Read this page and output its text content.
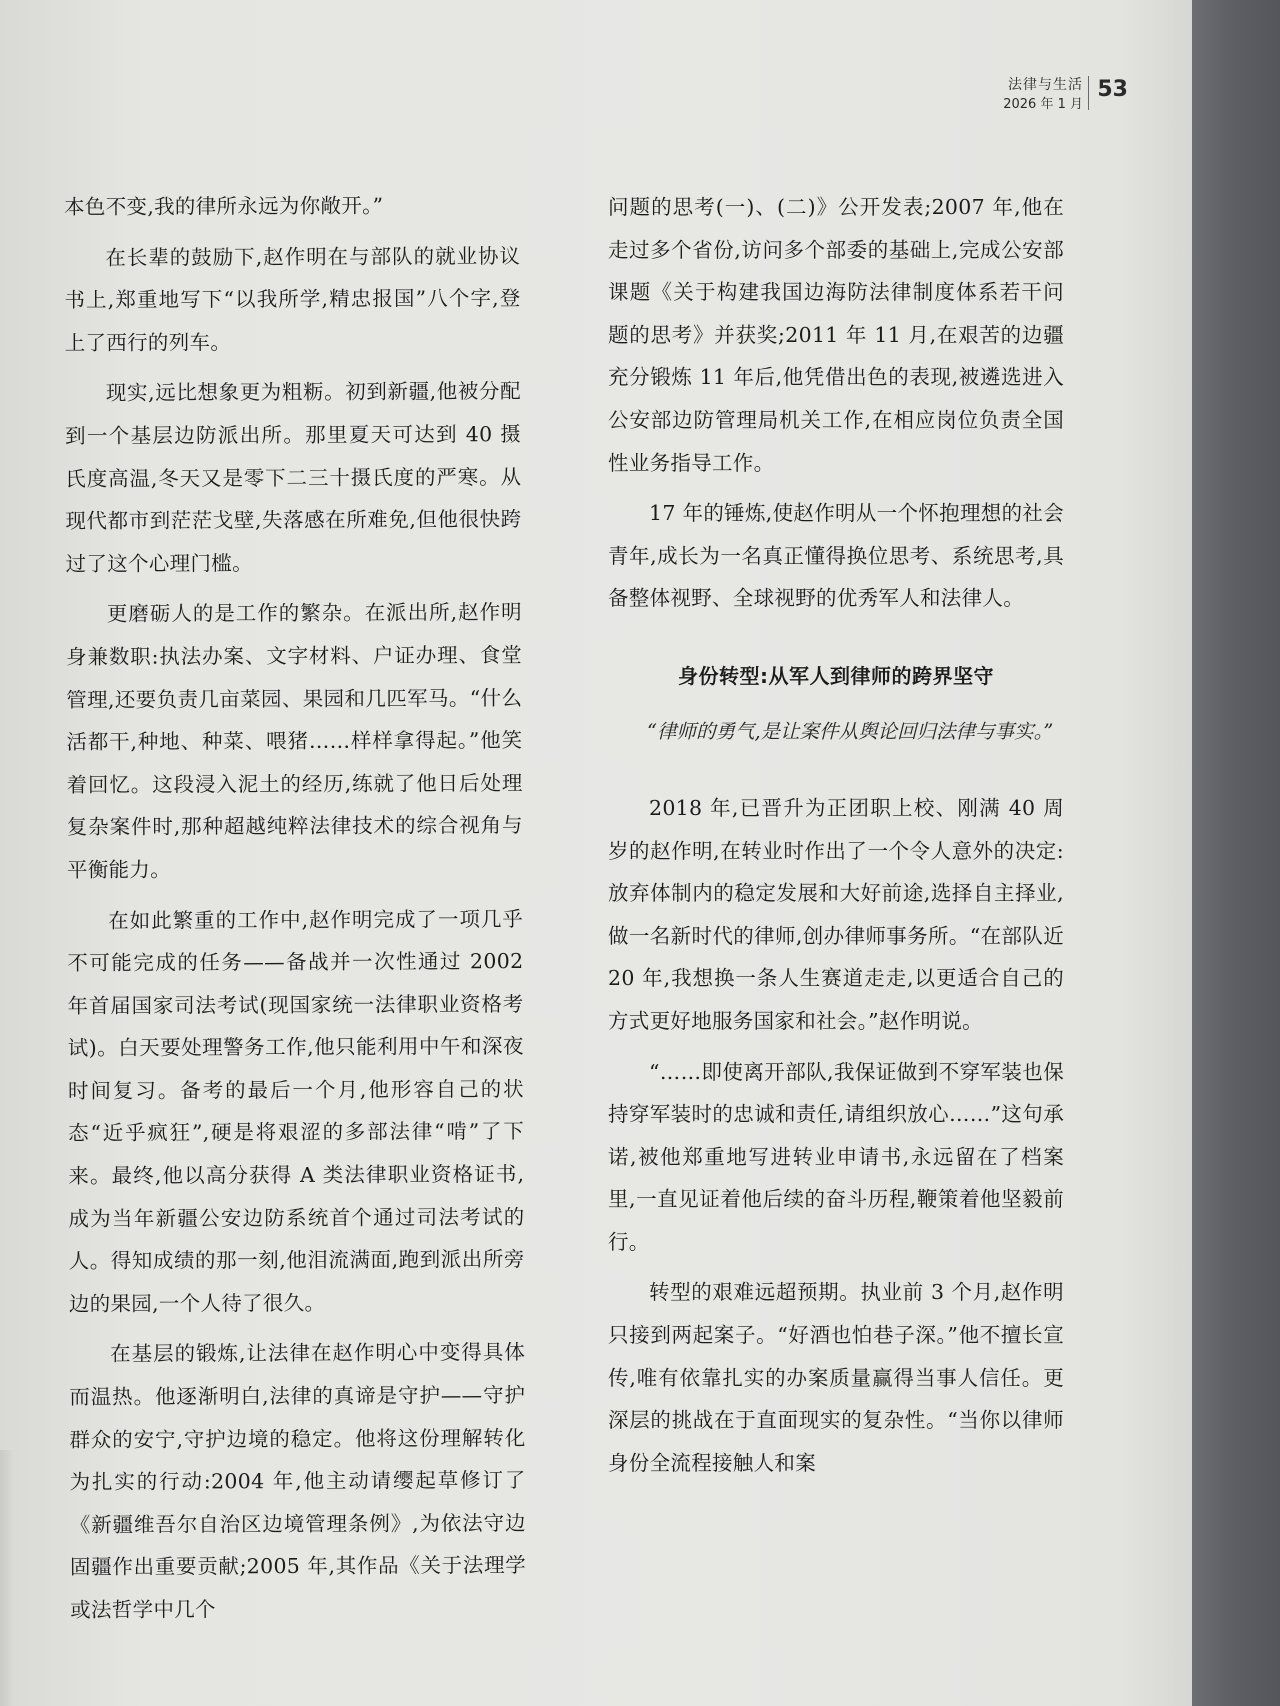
法律与生活
2026 年 1 月
53

本色不变,我的律所永远为你敞开。”

在长辈的鼓励下,赵作明在与部队的就业协议书上,郑重地写下“以我所学,精忠报国”八个字,登上了西行的列车。

现实,远比想象更为粗粝。初到新疆,他被分配到一个基层边防派出所。那里夏天可达到 40 摄氏度高温,冬天又是零下二三十摄氏度的严寒。从现代都市到茫茫戈壁,失落感在所难免,但他很快跨过了这个心理门槛。

更磨砺人的是工作的繁杂。在派出所,赵作明身兼数职:执法办案、文字材料、户证办理、食堂管理,还要负责几亩菜园、果园和几匹军马。“什么活都干,种地、种菜、喂猪……样样拿得起。”他笑着回忆。这段浸入泥土的经历,练就了他日后处理复杂案件时,那种超越纯粹法律技术的综合视角与平衡能力。

在如此繁重的工作中,赵作明完成了一项几乎不可能完成的任务——备战并一次性通过 2002 年首届国家司法考试(现国家统一法律职业资格考试)。白天要处理警务工作,他只能利用中午和深夜时间复习。备考的最后一个月,他形容自己的状态“近乎疯狂”,硬是将艰涩的多部法律“啃”了下来。最终,他以高分获得 A 类法律职业资格证书,成为当年新疆公安边防系统首个通过司法考试的人。得知成绩的那一刻,他泪流满面,跑到派出所旁边的果园,一个人待了很久。

在基层的锻炼,让法律在赵作明心中变得具体而温热。他逐渐明白,法律的真谛是守护——守护群众的安宁,守护边境的稳定。他将这份理解转化为扎实的行动:2004 年,他主动请缨起草修订了《新疆维吾尔自治区边境管理条例》,为依法守边固疆作出重要贡献;2005 年,其作品《关于法理学或法哲学中几个

问题的思考(一)、(二)》公开发表;2007 年,他在走过多个省份,访问多个部委的基础上,完成公安部课题《关于构建我国边海防法律制度体系若干问题的思考》并获奖;2011 年 11 月,在艰苦的边疆充分锻炼 11 年后,他凭借出色的表现,被遴选进入公安部边防管理局机关工作,在相应岗位负责全国性业务指导工作。

17 年的锤炼,使赵作明从一个怀抱理想的社会青年,成长为一名真正懂得换位思考、系统思考,具备整体视野、全球视野的优秀军人和法律人。

身份转型:从军人到律师的跨界坚守

“律师的勇气,是让案件从舆论回归法律与事实。”

2018 年,已晋升为正团职上校、刚满 40 周岁的赵作明,在转业时作出了一个令人意外的决定:放弃体制内的稳定发展和大好前途,选择自主择业,做一名新时代的律师,创办律师事务所。“在部队近 20 年,我想换一条人生赛道走走,以更适合自己的方式更好地服务国家和社会。”赵作明说。

“……即使离开部队,我保证做到不穿军装也保持穿军装时的忠诚和责任,请组织放心……”这句承诺,被他郑重地写进转业申请书,永远留在了档案里,一直见证着他后续的奋斗历程,鞭策着他坚毅前行。

转型的艰难远超预期。执业前 3 个月,赵作明只接到两起案子。“好酒也怕巷子深。”他不擅长宣传,唯有依靠扎实的办案质量赢得当事人信任。更深层的挑战在于直面现实的复杂性。“当你以律师身份全流程接触人和案
